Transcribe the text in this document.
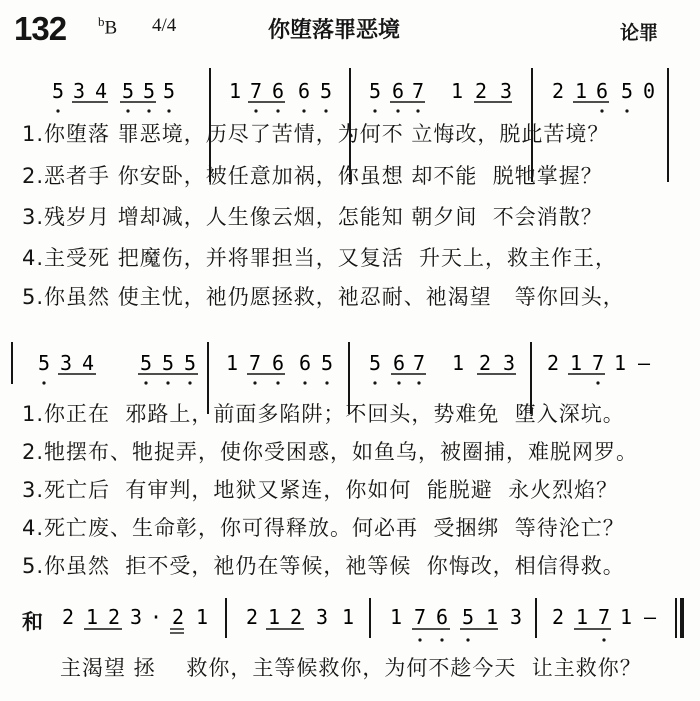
132 $^b$B 4/4	你堕落罪恶境	论罪
5 3 4 5 5 5	1 7 6 6 5 5 6 7 1 2 3 2 1 6 5 0
1.你堕落 罪恶境，历尽了苦情，为何不 立悔改，脱此苦境？
2.恶者手 你安卧，被任意加祸，你虽想 却不能  脱牠掌握？
3.残岁月 增却减，人生像云烟，怎能知 朝夕间  不会消散？
4.主受死 把魔伤，并将罪担当，又复活  升天上，救主作王，
5.你虽然 使主忧，祂仍愿拯救，祂忍耐、祂渴望   等你回头，
5 3 4 5 5 5 1 7 6 6 5 5 6 7 1 2 3 2 1 7 1 —
1.你正在  邪路上，前面多陷阱；不回头，势难免  堕入深坑。
2.牠摆布、牠捉弄，使你受困惑，如鱼乌，被圈捕，难脱网罗。
3.死亡后  有审判，地狱又紧连，你如何  能脱避  永火烈焰？
4.死亡废、生命彰，你可得释放。何必再  受捆绑  等待沦亡？
5.你虽然  拒不受，祂仍在等候，祂等候  你悔改，相信得救。
和 2 1 2 3 · 2 1 2 1 2 3 1 1 7 6 5 1 3 2 1 7 1 —
主渴望 拯    救你，主等候救你，为何不趁今天  让主救你？
